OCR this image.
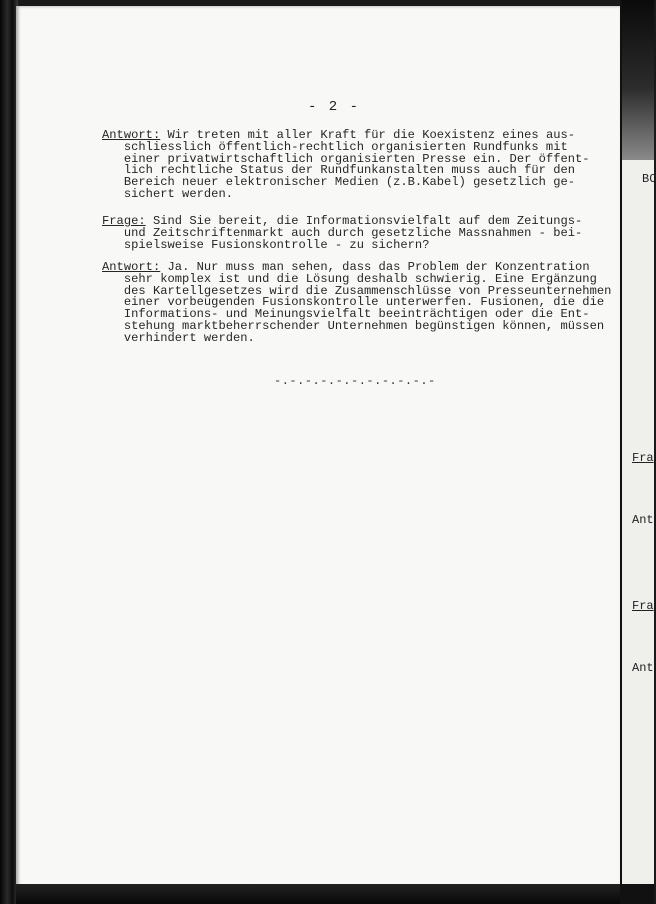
- 2 -
Antwort: Wir treten mit aller Kraft für die Koexistenz eines aus-
schliesslich öffentlich-rechtlich organisierten Rundfunks mit
einer privatwirtschaftlich organisierten Presse ein. Der öffent-
lich rechtliche Status der Rundfunkanstalten muss auch für den
Bereich neuer elektronischer Medien (z.B.Kabel) gesetzlich ge-
sichert werden.
Frage: Sind Sie bereit, die Informationsvielfalt auf dem Zeitungs-
und Zeitschriftenmarkt auch durch gesetzliche Massnahmen - bei-
spielsweise Fusionskontrolle - zu sichern?
Antwort: Ja. Nur muss man sehen, dass das Problem der Konzentration
sehr komplex ist und die Lösung deshalb schwierig. Eine Ergänzung
des Kartellgesetzes wird die Zusammenschlüsse von Presseunternehmen
einer vorbeugenden Fusionskontrolle unterwerfen. Fusionen, die die
Informations- und Meinungsvielfalt beeinträchtigen oder die Ent-
stehung marktbeherrschender Unternehmen begünstigen können, müssen
verhindert werden.
-.-.-.-.-.-.-.-.-.-.-
BC
Fra
Ant
Fra
Ant
